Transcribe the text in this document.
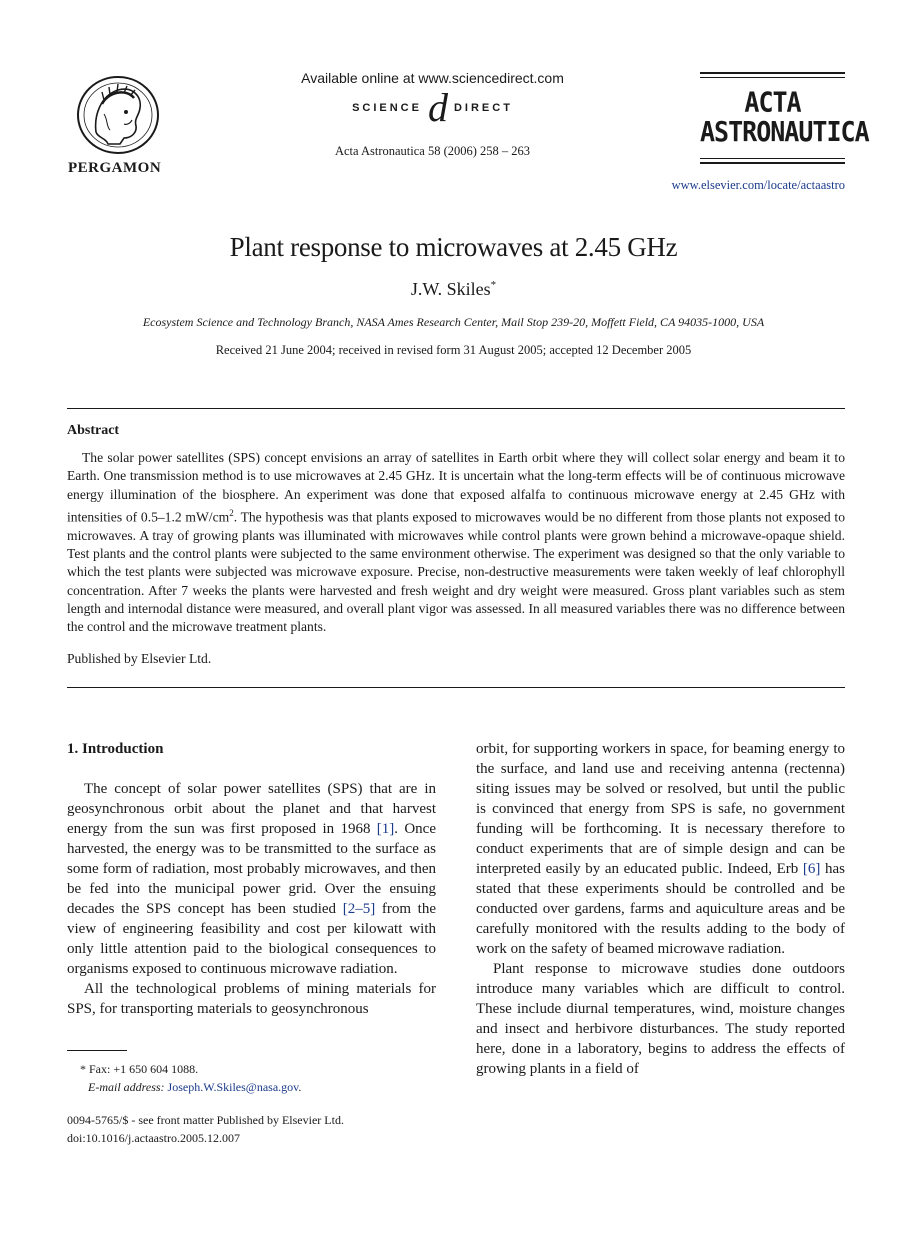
PERGAMON
Available online at www.sciencedirect.com
SCIENCE d DIRECT
Acta Astronautica 58 (2006) 258 – 263
ACTA
ASTRONAUTICA
www.elsevier.com/locate/actaastro
Plant response to microwaves at 2.45 GHz
J.W. Skiles*
Ecosystem Science and Technology Branch, NASA Ames Research Center, Mail Stop 239-20, Moffett Field, CA 94035-1000, USA
Received 21 June 2004; received in revised form 31 August 2005; accepted 12 December 2005
Abstract

The solar power satellites (SPS) concept envisions an array of satellites in Earth orbit where they will collect solar energy and beam it to Earth. One transmission method is to use microwaves at 2.45 GHz. It is uncertain what the long-term effects will be of continuous microwave energy illumination of the biosphere. An experiment was done that exposed alfalfa to continuous microwave energy at 2.45 GHz with intensities of 0.5–1.2 $mW/cm^2$. The hypothesis was that plants exposed to microwaves would be no different from those plants not exposed to microwaves. A tray of growing plants was illuminated with microwaves while control plants were grown behind a microwave-opaque shield. Test plants and the control plants were subjected to the same environment otherwise. The experiment was designed so that the only variable to which the test plants were subjected was microwave exposure. Precise, non-destructive measurements were taken weekly of leaf chlorophyll concentration. After 7 weeks the plants were harvested and fresh weight and dry weight were measured. Gross plant variables such as stem length and internodal distance were measured, and overall plant vigor was assessed. In all measured variables there was no difference between the control and the microwave treatment plants.

Published by Elsevier Ltd.

1. Introduction

The concept of solar power satellites (SPS) that are in geosynchronous orbit about the planet and that harvest energy from the sun was first proposed in 1968 [1]. Once harvested, the energy was to be transmitted to the surface as some form of radiation, most probably microwaves, and then be fed into the municipal power grid. Over the ensuing decades the SPS concept has been studied [2–5] from the view of engineering feasibility and cost per kilowatt with only little attention paid to the biological consequences to organisms exposed to continuous microwave radiation.

All the technological problems of mining materials for SPS, for transporting materials to geosynchronous

* Fax: +1 650 604 1088.
E-mail address: Joseph.W.Skiles@nasa.gov.
0094-5765/$ - see front matter Published by Elsevier Ltd.
doi:10.1016/j.actaastro.2005.12.007

orbit, for supporting workers in space, for beaming energy to the surface, and land use and receiving antenna (rectenna) siting issues may be solved or resolved, but until the public is convinced that energy from SPS is safe, no government funding will be forthcoming. It is necessary therefore to conduct experiments that are of simple design and can be interpreted easily by an educated public. Indeed, Erb [6] has stated that these experiments should be controlled and be conducted over gardens, farms and aquiculture areas and be carefully monitored with the results adding to the body of work on the safety of beamed microwave radiation.

Plant response to microwave studies done outdoors introduce many variables which are difficult to control. These include diurnal temperatures, wind, moisture changes and insect and herbivore disturbances. The study reported here, done in a laboratory, begins to address the effects of growing plants in a field of
